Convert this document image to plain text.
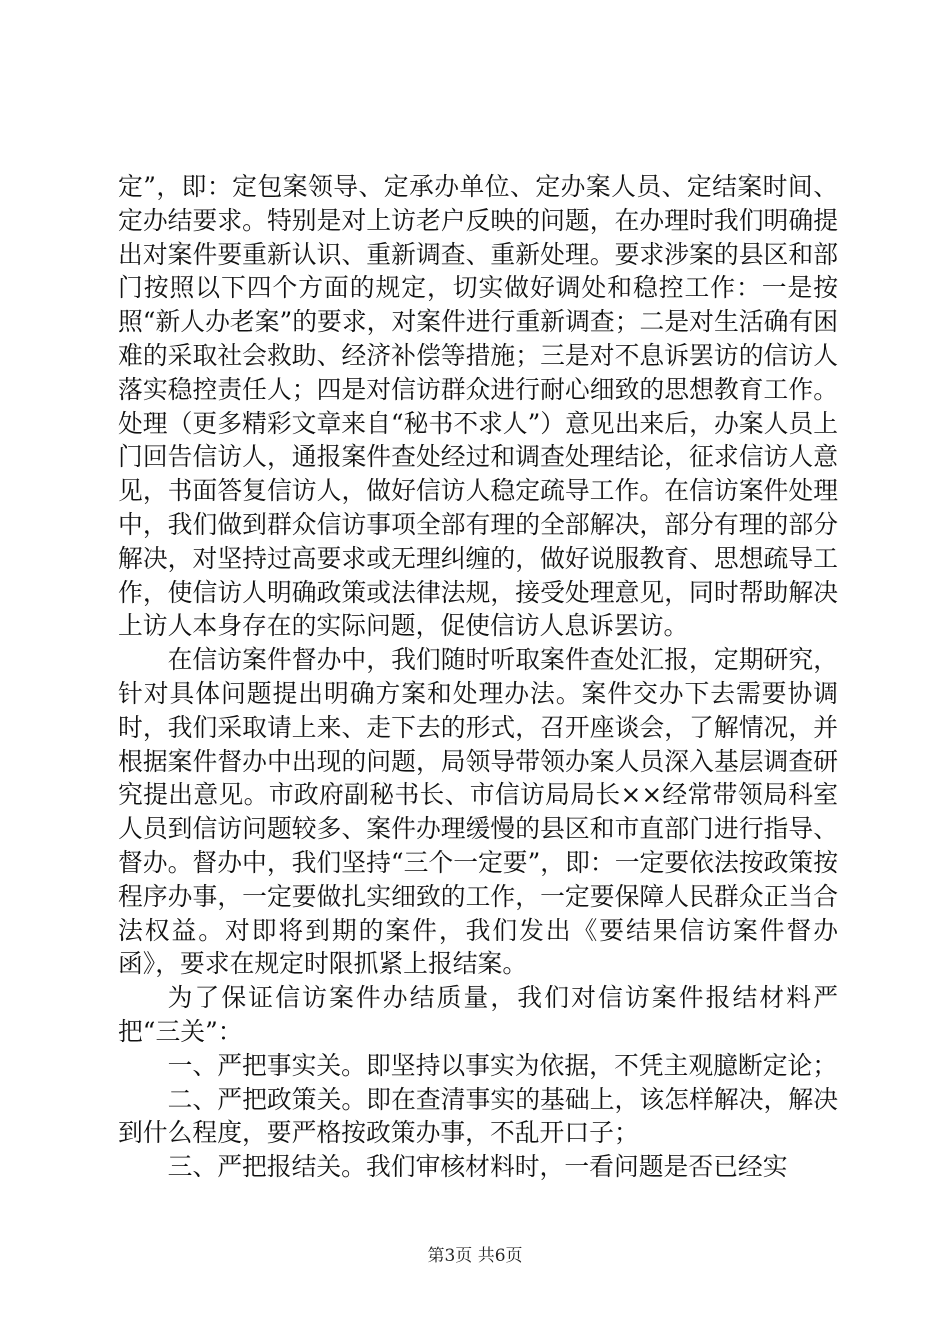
定”，即：定包案领导、定承办单位、定办案人员、定结案时间、定办结要求。特别是对上访老户反映的问题，在办理时我们明确提出对案件要重新认识、重新调查、重新处理。要求涉案的县区和部门按照以下四个方面的规定，切实做好调处和稳控工作：一是按照“新人办老案”的要求，对案件进行重新调查；二是对生活确有困难的采取社会救助、经济补偿等措施；三是对不息诉罢访的信访人落实稳控责任人；四是对信访群众进行耐心细致的思想教育工作。处理（更多精彩文章来自“秘书不求人”）意见出来后，办案人员上门回告信访人，通报案件查处经过和调查处理结论，征求信访人意见，书面答复信访人，做好信访人稳定疏导工作。在信访案件处理中，我们做到群众信访事项全部有理的全部解决，部分有理的部分解决，对坚持过高要求或无理纠缠的，做好说服教育、思想疏导工作，使信访人明确政策或法律法规，接受处理意见，同时帮助解决上访人本身存在的实际问题，促使信访人息诉罢访。

在信访案件督办中，我们随时听取案件查处汇报，定期研究，针对具体问题提出明确方案和处理办法。案件交办下去需要协调时，我们采取请上来、走下去的形式，召开座谈会，了解情况，并根据案件督办中出现的问题，局领导带领办案人员深入基层调查研究提出意见。市政府副秘书长、市信访局局长××经常带领局科室人员到信访问题较多、案件办理缓慢的县区和市直部门进行指导、督办。督办中，我们坚持“三个一定要”，即：一定要依法按政策按程序办事，一定要做扎实细致的工作，一定要保障人民群众正当合法权益。对即将到期的案件，我们发出《要结果信访案件督办函》，要求在规定时限抓紧上报结案。

为了保证信访案件办结质量，我们对信访案件报结材料严把“三关”：

一、严把事实关。即坚持以事实为依据，不凭主观臆断定论；

二、严把政策关。即在查清事实的基础上，该怎样解决，解决到什么程度，要严格按政策办事，不乱开口子；

三、严把报结关。我们审核材料时，一看问题是否已经实

第3页 共6页
